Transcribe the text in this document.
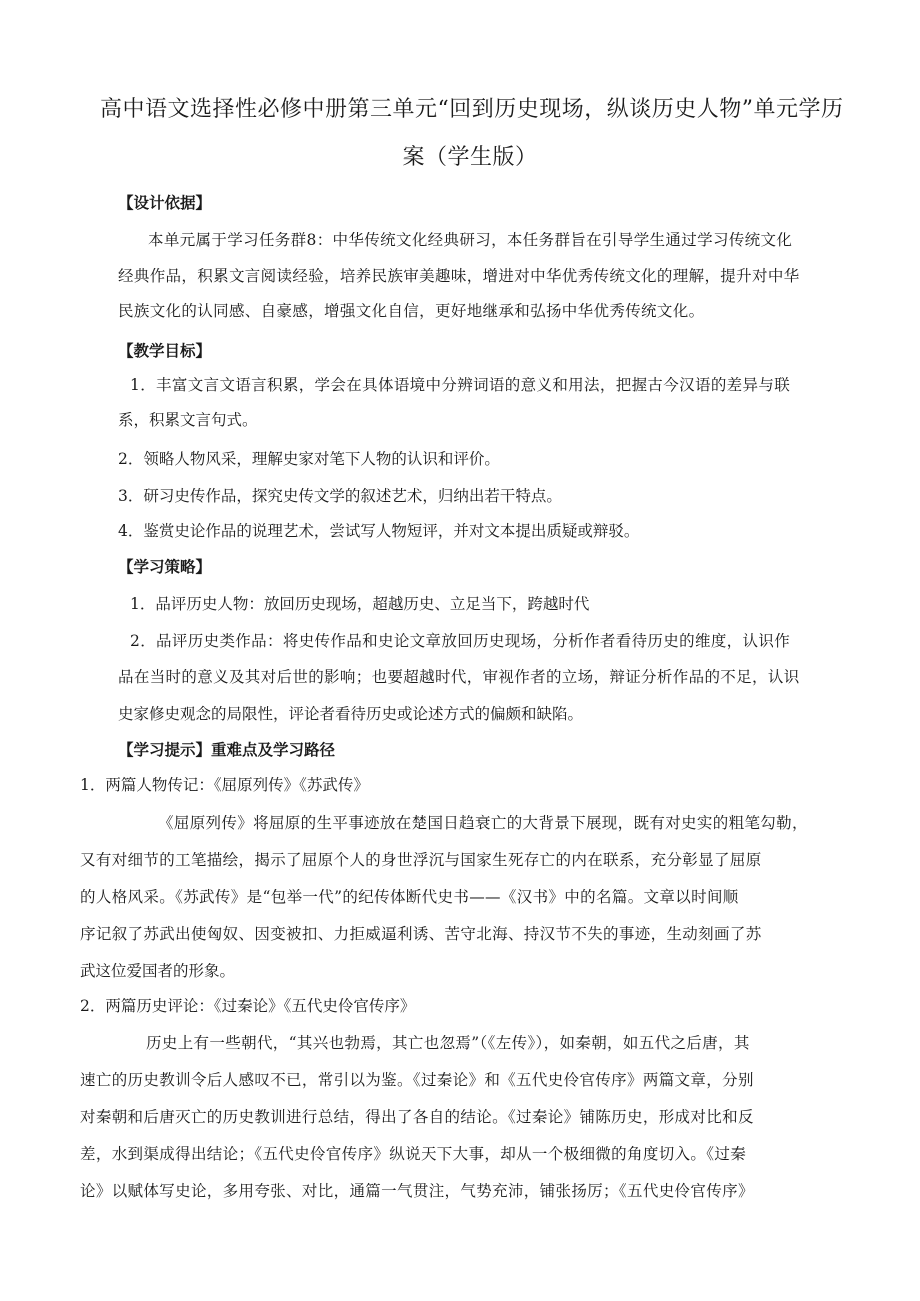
高中语文选择性必修中册第三单元“回到历史现场，纵谈历史人物”单元学历
案（学生版）
【设计依据】
本单元属于学习任务群8：中华传统文化经典研习，本任务群旨在引导学生通过学习传统文化
经典作品，积累文言阅读经验，培养民族审美趣味，增进对中华优秀传统文化的理解，提升对中华
民族文化的认同感、自豪感，增强文化自信，更好地继承和弘扬中华优秀传统文化。
【教学目标】
1．丰富文言文语言积累，学会在具体语境中分辨词语的意义和用法，把握古今汉语的差异与联
系，积累文言句式。
2．领略人物风采，理解史家对笔下人物的认识和评价。
3．研习史传作品，探究史传文学的叙述艺术，归纳出若干特点。
4．鉴赏史论作品的说理艺术，尝试写人物短评，并对文本提出质疑或辩驳。
【学习策略】
1．品评历史人物：放回历史现场，超越历史、立足当下，跨越时代
2．品评历史类作品：将史传作品和史论文章放回历史现场，分析作者看待历史的维度，认识作
品在当时的意义及其对后世的影响；也要超越时代，审视作者的立场，辩证分析作品的不足，认识
史家修史观念的局限性，评论者看待历史或论述方式的偏颇和缺陷。
【学习提示】重难点及学习路径
1．两篇人物传记：《屈原列传》《苏武传》
《屈原列传》将屈原的生平事迹放在楚国日趋衰亡的大背景下展现，既有对史实的粗笔勾勒，
又有对细节的工笔描绘，揭示了屈原个人的身世浮沉与国家生死存亡的内在联系，充分彰显了屈原
的人格风采。《苏武传》是“包举一代”的纪传体断代史书——《汉书》中的名篇。文章以时间顺
序记叙了苏武出使匈奴、因变被扣、力拒威逼利诱、苦守北海、持汉节不失的事迹，生动刻画了苏
武这位爱国者的形象。
2．两篇历史评论：《过秦论》《五代史伶官传序》
历史上有一些朝代，“其兴也勃焉，其亡也忽焉”（《左传》），如秦朝，如五代之后唐，其
速亡的历史教训令后人感叹不已，常引以为鉴。《过秦论》和《五代史伶官传序》两篇文章，分别
对秦朝和后唐灭亡的历史教训进行总结，得出了各自的结论。《过秦论》铺陈历史，形成对比和反
差，水到渠成得出结论；《五代史伶官传序》纵说天下大事，却从一个极细微的角度切入。《过秦
论》以赋体写史论，多用夸张、对比，通篇一气贯注，气势充沛，铺张扬厉；《五代史伶官传序》
